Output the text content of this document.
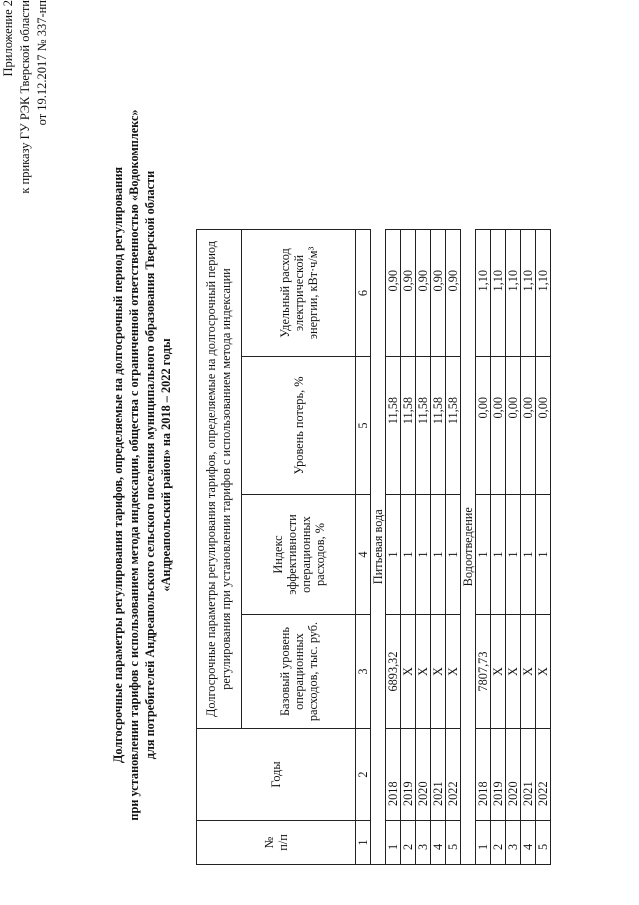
Приложение 2 к приказу ГУ РЭК Тверской области от 19.12.2017 № 337-нп
Долгосрочные параметры регулирования тарифов, определяемые на долгосрочный период регулирования при установлении тарифов с использованием метода индексации, общества с ограниченной ответственностью «Водокомплекс» для потребителей Андреапольского сельского поселения муниципального образования Тверской области «Андреапольский район» на 2018 – 2022 годы
№
п/п	Годы	Долгосрочные параметры регулирования тарифов, определяемые на долгосрочный период регулирования при установлении тарифов с использованием метода индексации			
		Базовый уровень операционных расходов, тыс. руб.	Индекс эффективности операционных расходов, %	Уровень потерь, %	Удельный расход электрической энергии, кВт·ч/м³
1	2	3	4	5	6
Питьевая вода					
1	2018	6893,32	1	11,58	0,90
2	2019	X	1	11,58	0,90
3	2020	X	1	11,58	0,90
4	2021	X	1	11,58	0,90
5	2022	X	1	11,58	0,90
Водоотведение					
1	2018	7807,73	1	0,00	1,10
2	2019	X	1	0,00	1,10
3	2020	X	1	0,00	1,10
4	2021	X	1	0,00	1,10
5	2022	X	1	0,00	1,10
